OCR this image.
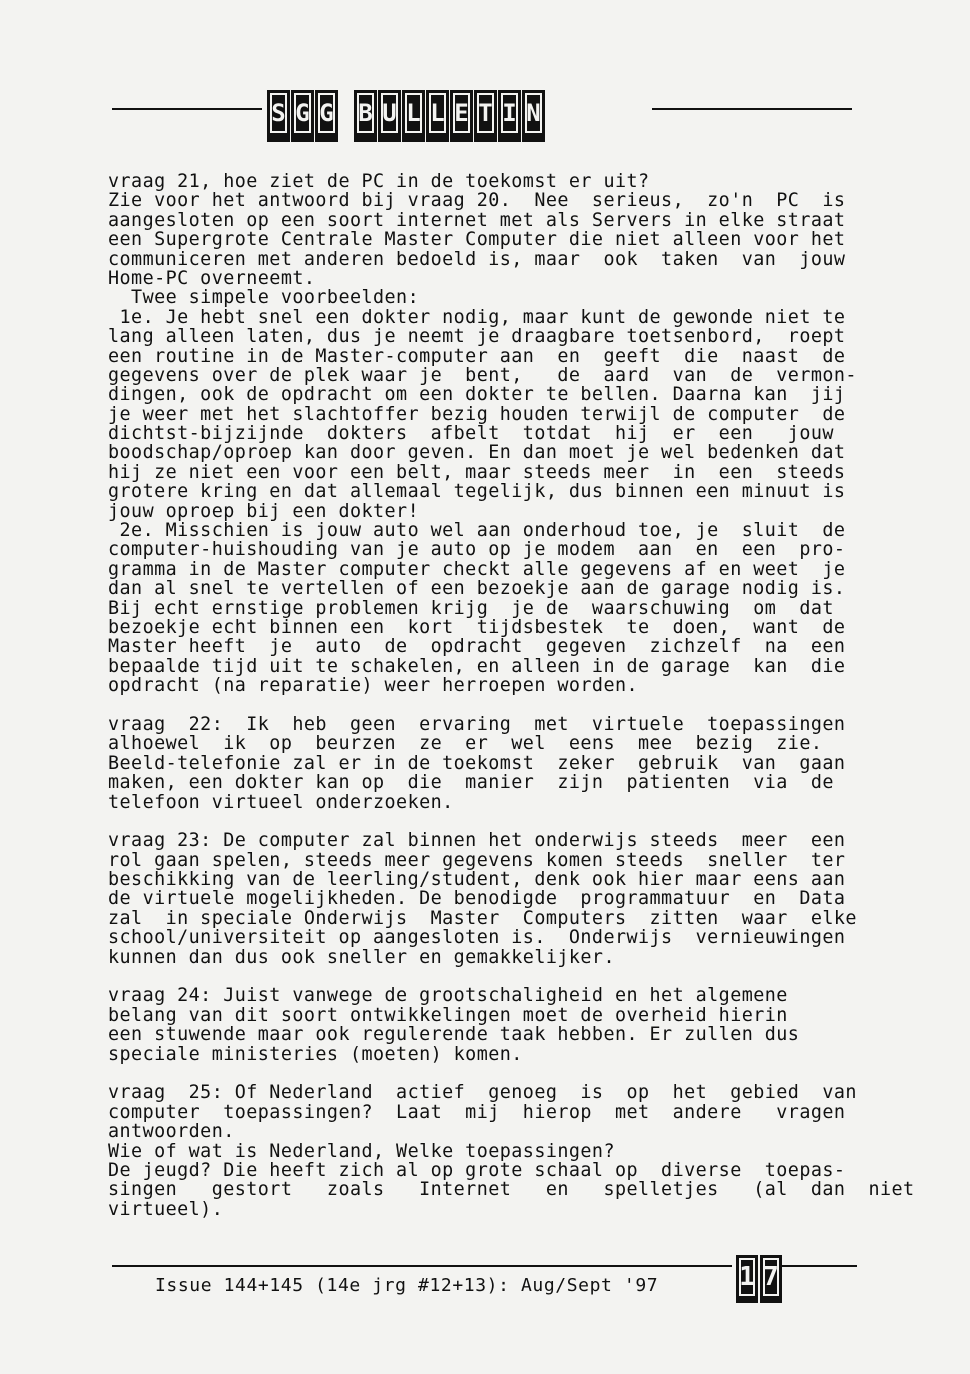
S G G B U L L E T I N
vraag 21, hoe ziet de PC in de toekomst er uit?
Zie voor het antwoord bij vraag 20.  Nee  serieus,  zo'n  PC  is
aangesloten op een soort internet met als Servers in elke straat
een Supergrote Centrale Master Computer die niet alleen voor het
communiceren met anderen bedoeld is, maar  ook  taken  van  jouw
Home-PC overneemt.
Twee simpele voorbeelden:
1e. Je hebt snel een dokter nodig, maar kunt de gewonde niet te
lang alleen laten, dus je neemt je draagbare toetsenbord,  roept
een routine in de Master-computer aan  en  geeft  die  naast  de
gegevens over de plek waar je  bent,   de  aard  van  de  vermon-
dingen, ook de opdracht om een dokter te bellen. Daarna kan  jij
je weer met het slachtoffer bezig houden terwijl de computer  de
dichtst-bijzijnde  dokters  afbelt  totdat  hij  er  een   jouw
boodschap/oproep kan door geven. En dan moet je wel bedenken dat
hij ze niet een voor een belt, maar steeds meer  in  een  steeds
grotere kring en dat allemaal tegelijk, dus binnen een minuut is
jouw oproep bij een dokter!
2e. Misschien is jouw auto wel aan onderhoud toe, je  sluit  de
computer-huishouding van je auto op je modem  aan  en  een  pro-
gramma in de Master computer checkt alle gegevens af en weet  je
dan al snel te vertellen of een bezoekje aan de garage nodig is.
Bij echt ernstige problemen krijg  je de  waarschuwing  om  dat
bezoekje echt binnen een  kort  tijdsbestek  te  doen,  want  de
Master heeft  je  auto  de  opdracht  gegeven  zichzelf  na  een
bepaalde tijd uit te schakelen, en alleen in de garage  kan  die
opdracht (na reparatie) weer herroepen worden.
vraag  22:  Ik  heb  geen  ervaring  met  virtuele  toepassingen
alhoewel  ik  op  beurzen  ze  er  wel  eens  mee  bezig  zie.
Beeld-telefonie zal er in de toekomst  zeker  gebruik  van  gaan
maken, een dokter kan op  die  manier  zijn  patienten  via  de
telefoon virtueel onderzoeken.
vraag 23: De computer zal binnen het onderwijs steeds  meer  een
rol gaan spelen, steeds meer gegevens komen steeds  sneller  ter
beschikking van de leerling/student, denk ook hier maar eens aan
de virtuele mogelijkheden. De benodigde  programmatuur  en  Data
zal  in speciale Onderwijs  Master  Computers  zitten  waar  elke
school/universiteit op aangesloten is.  Onderwijs  vernieuwingen
kunnen dan dus ook sneller en gemakkelijker.
vraag 24: Juist vanwege de grootschaligheid en het algemene
belang van dit soort ontwikkelingen moet de overheid hierin
een stuwende maar ook regulerende taak hebben. Er zullen dus
speciale ministeries (moeten) komen.
vraag  25: Of Nederland  actief  genoeg  is  op  het  gebied  van
computer  toepassingen?  Laat  mij  hierop  met  andere   vragen
antwoorden.
Wie of wat is Nederland, Welke toepassingen?
De jeugd? Die heeft zich al op grote schaal op  diverse  toepas-
singen   gestort   zoals   Internet   en   spelletjes   (al  dan  niet
virtueel).
Issue 144+145 (14e jrg #12+13): Aug/Sept '97	1 7
